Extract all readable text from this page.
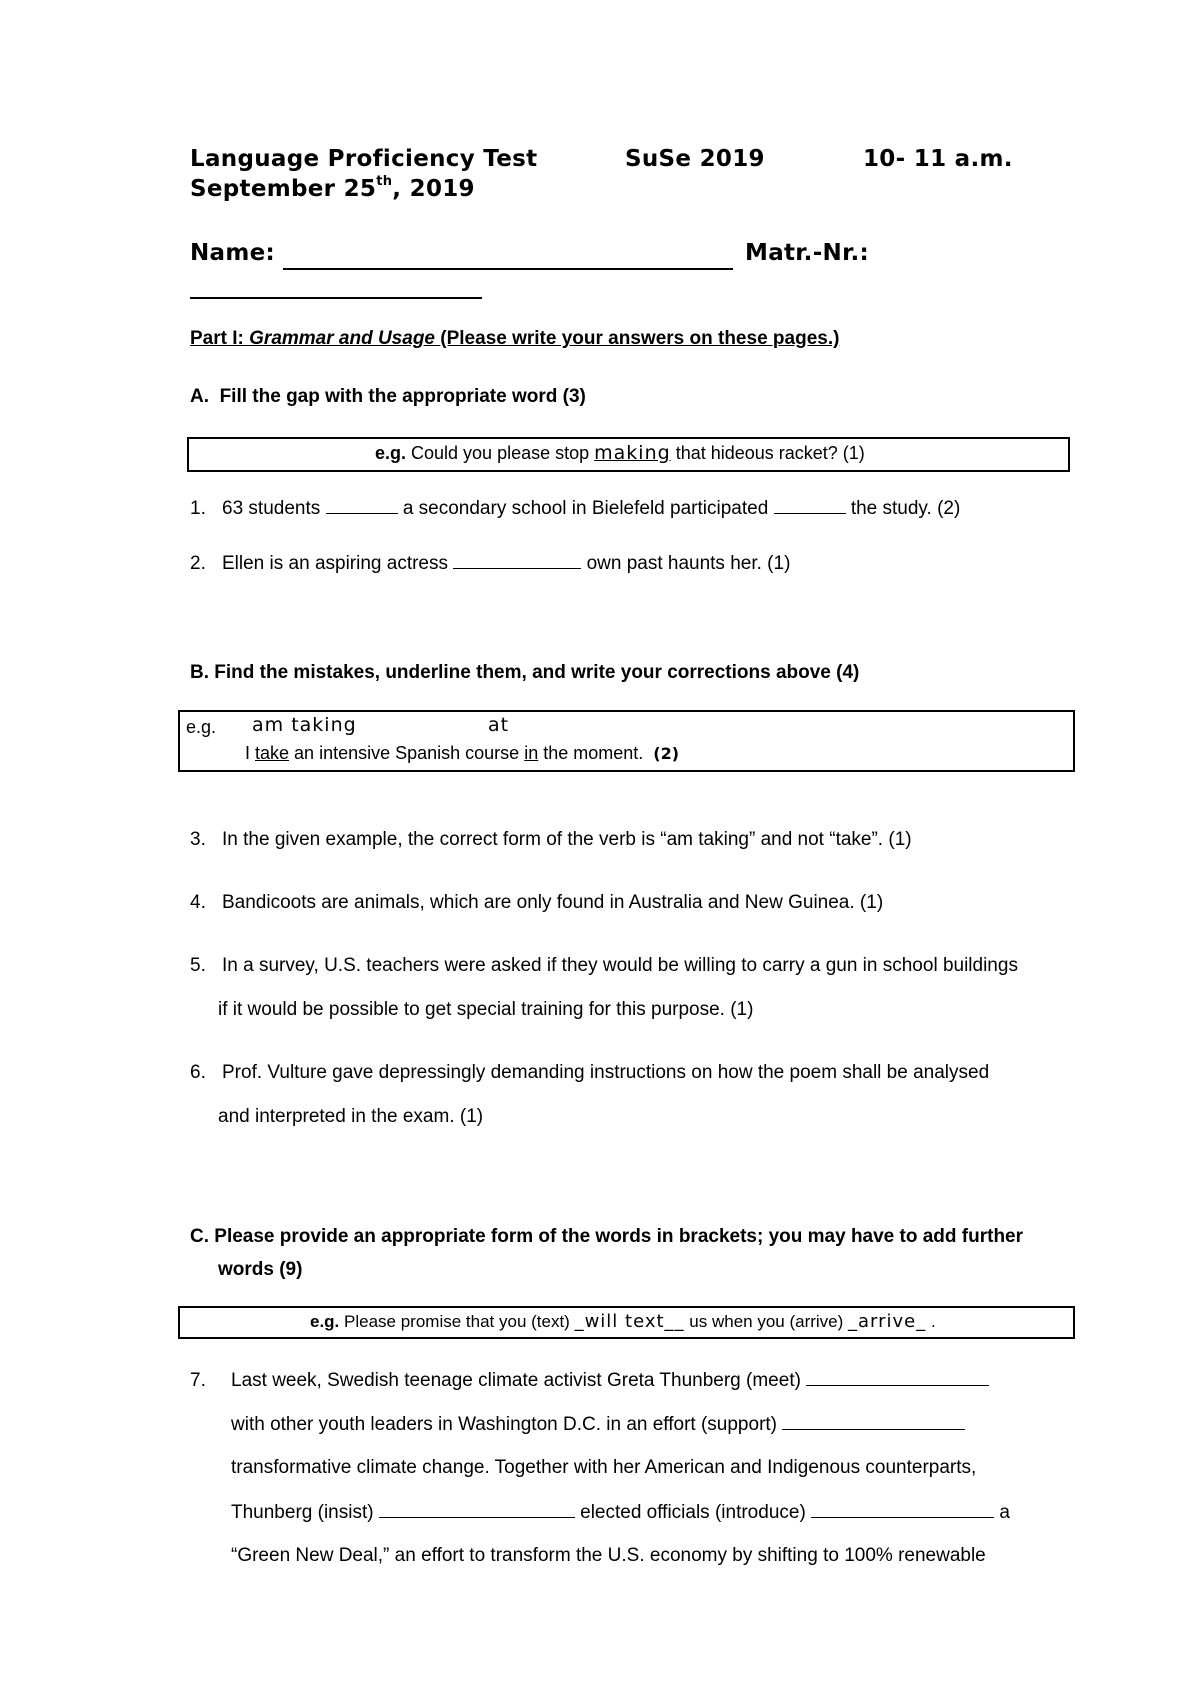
Language Proficiency Test	SuSe 2019	10- 11 a.m.
September 25th, 2019
Name:	Matr.-Nr.:
Part I: Grammar and Usage (Please write your answers on these pages.)
A. Fill the gap with the appropriate word (3)
e.g. Could you please stop making that hideous racket? (1)
1. 63 students	a secondary school in Bielefeld participated	the study. (2)
2. Ellen is an aspiring actress	own past haunts her. (1)
B. Find the mistakes, underline them, and write your corrections above (4)
e.g. am taking	at
I take an intensive Spanish course in the moment. (2)
3. In the given example, the correct form of the verb is “am taking” and not “take”. (1)
4. Bandicoots are animals, which are only found in Australia and New Guinea. (1)
5. In a survey, U.S. teachers were asked if they would be willing to carry a gun in school buildings
if it would be possible to get special training for this purpose. (1)
6. Prof. Vulture gave depressingly demanding instructions on how the poem shall be analysed
and interpreted in the exam. (1)
C. Please provide an appropriate form of the words in brackets; you may have to add further
words (9)
e.g. Please promise that you (text) _will text__ us when you (arrive) _arrive_ .
7. Last week, Swedish teenage climate activist Greta Thunberg (meet)
with other youth leaders in Washington D.C. in an effort (support)
transformative climate change. Together with her American and Indigenous counterparts,
Thunberg (insist)	elected officials (introduce)	a
“Green New Deal,” an effort to transform the U.S. economy by shifting to 100% renewable
